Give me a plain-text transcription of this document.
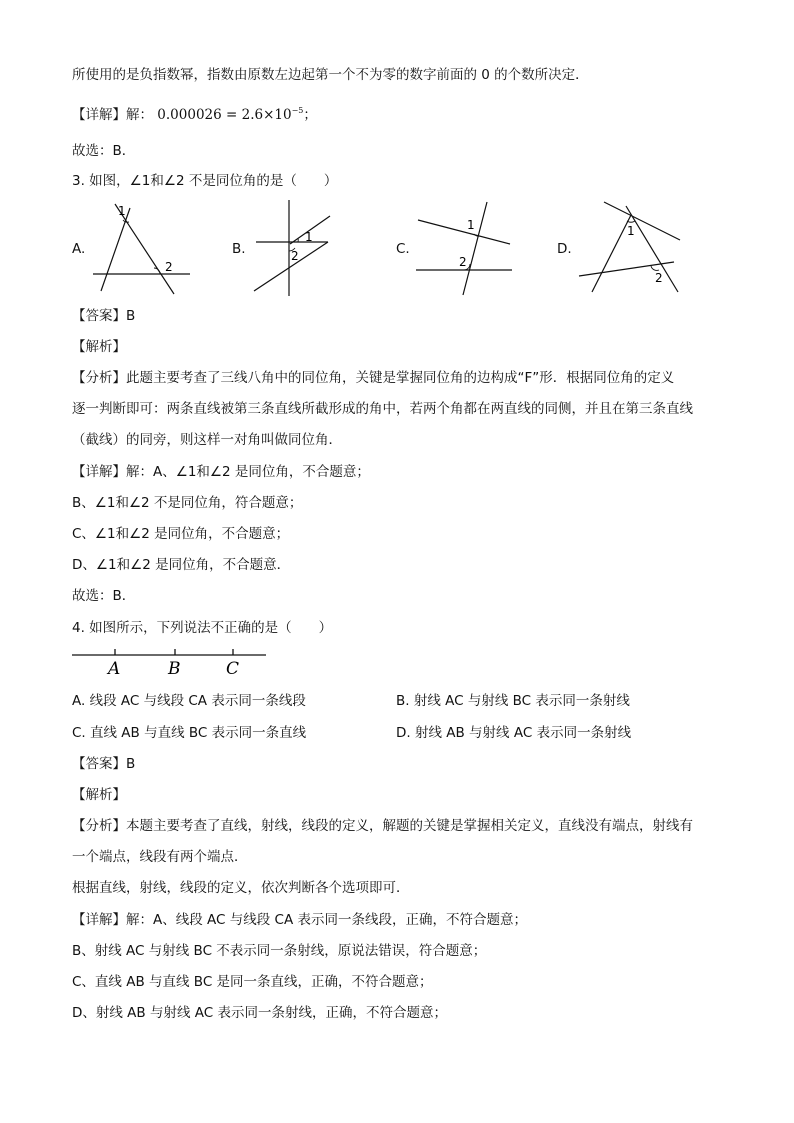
所使用的是负指数幂，指数由原数左边起第一个不为零的数字前面的 0 的个数所决定．
【详解】解： $0.000026 = 2.6\times 10^{-5}$；
故选：B．
3. 如图，∠1和∠2 不是同位角的是（　　）
A.
1
2
B.
1
2	C.
1
2
D.
1
2
【答案】B
【解析】
【分析】此题主要考查了三线八角中的同位角，关键是掌握同位角的边构成“F”形．根据同位角的定义
逐一判断即可：两条直线被第三条直线所截形成的角中，若两个角都在两直线的同侧，并且在第三条直线
（截线）的同旁，则这样一对角叫做同位角．
【详解】解：A、∠1和∠2 是同位角，不合题意；
B、∠1和∠2 不是同位角，符合题意；
C、∠1和∠2 是同位角，不合题意；
D、∠1和∠2 是同位角，不合题意．
故选：B．
4. 如图所示，下列说法不正确的是（　　）
A	B	C
A. 线段 AC 与线段 CA 表示同一条线段	B. 射线 AC 与射线 BC 表示同一条射线
C. 直线 AB 与直线 BC 表示同一条直线	D. 射线 AB 与射线 AC 表示同一条射线
【答案】B
【解析】
【分析】本题主要考查了直线，射线，线段的定义，解题的关键是掌握相关定义，直线没有端点，射线有
一个端点，线段有两个端点．
根据直线，射线，线段的定义，依次判断各个选项即可．
【详解】解：A、线段 AC 与线段 CA 表示同一条线段，正确，不符合题意；
B、射线 AC 与射线 BC 不表示同一条射线，原说法错误，符合题意；
C、直线 AB 与直线 BC 是同一条直线，正确，不符合题意；
D、射线 AB 与射线 AC 表示同一条射线，正确，不符合题意；
